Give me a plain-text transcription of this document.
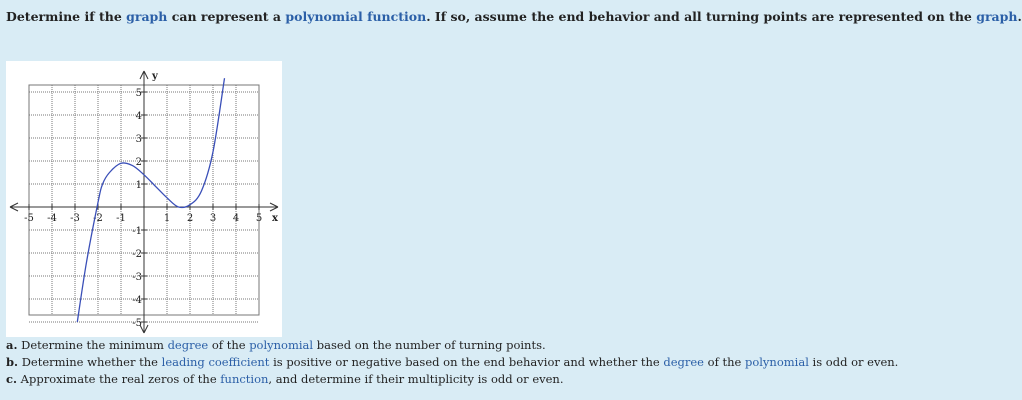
Determine if the graph can represent a polynomial function. If so, assume the end behavior and all turning points are represented on the graph.
-5 -4 -3 -2 -1	1 2 3 4 5
5
4
3
2
1
-1
-2
-3
-4
-5
y
x
a. Determine the minimum degree of the polynomial based on the number of turning points.
b. Determine whether the leading coefficient is positive or negative based on the end behavior and whether the degree of the polynomial is odd or even.
c. Approximate the real zeros of the function, and determine if their multiplicity is odd or even.
